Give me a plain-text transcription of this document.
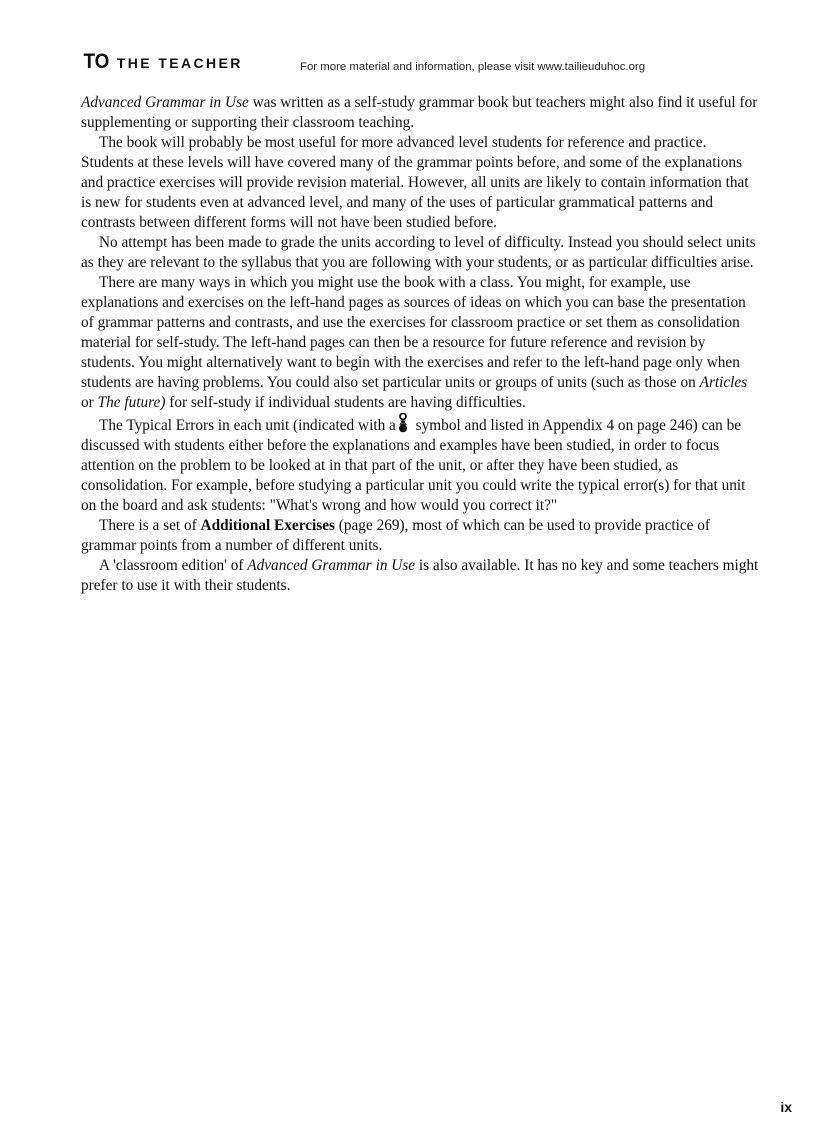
TO THE TEACHER	For more material and information, please visit www.tailieuduhoc.org

Advanced Grammar in Use was written as a self-study grammar book but teachers might also find it useful for supplementing or supporting their classroom teaching.

The book will probably be most useful for more advanced level students for reference and practice. Students at these levels will have covered many of the grammar points before, and some of the explanations and practice exercises will provide revision material. However, all units are likely to contain information that is new for students even at advanced level, and many of the uses of particular grammatical patterns and contrasts between different forms will not have been studied before.

No attempt has been made to grade the units according to level of difficulty. Instead you should select units as they are relevant to the syllabus that you are following with your students, or as particular difficulties arise.

There are many ways in which you might use the book with a class. You might, for example, use explanations and exercises on the left-hand pages as sources of ideas on which you can base the presentation of grammar patterns and contrasts, and use the exercises for classroom practice or set them as consolidation material for self-study. The left-hand pages can then be a resource for future reference and revision by students. You might alternatively want to begin with the exercises and refer to the left-hand page only when students are having problems. You could also set particular units or groups of units (such as those on Articles or The future) for self-study if individual students are having difficulties.

The Typical Errors in each unit (indicated with a symbol and listed in Appendix 4 on page 246) can be discussed with students either before the explanations and examples have been studied, in order to focus attention on the problem to be looked at in that part of the unit, or after they have been studied, as consolidation. For example, before studying a particular unit you could write the typical error(s) for that unit on the board and ask students: "What's wrong and how would you correct it?"

There is a set of Additional Exercises (page 269), most of which can be used to provide practice of grammar points from a number of different units.

A 'classroom edition' of Advanced Grammar in Use is also available. It has no key and some teachers might prefer to use it with their students.

ix
